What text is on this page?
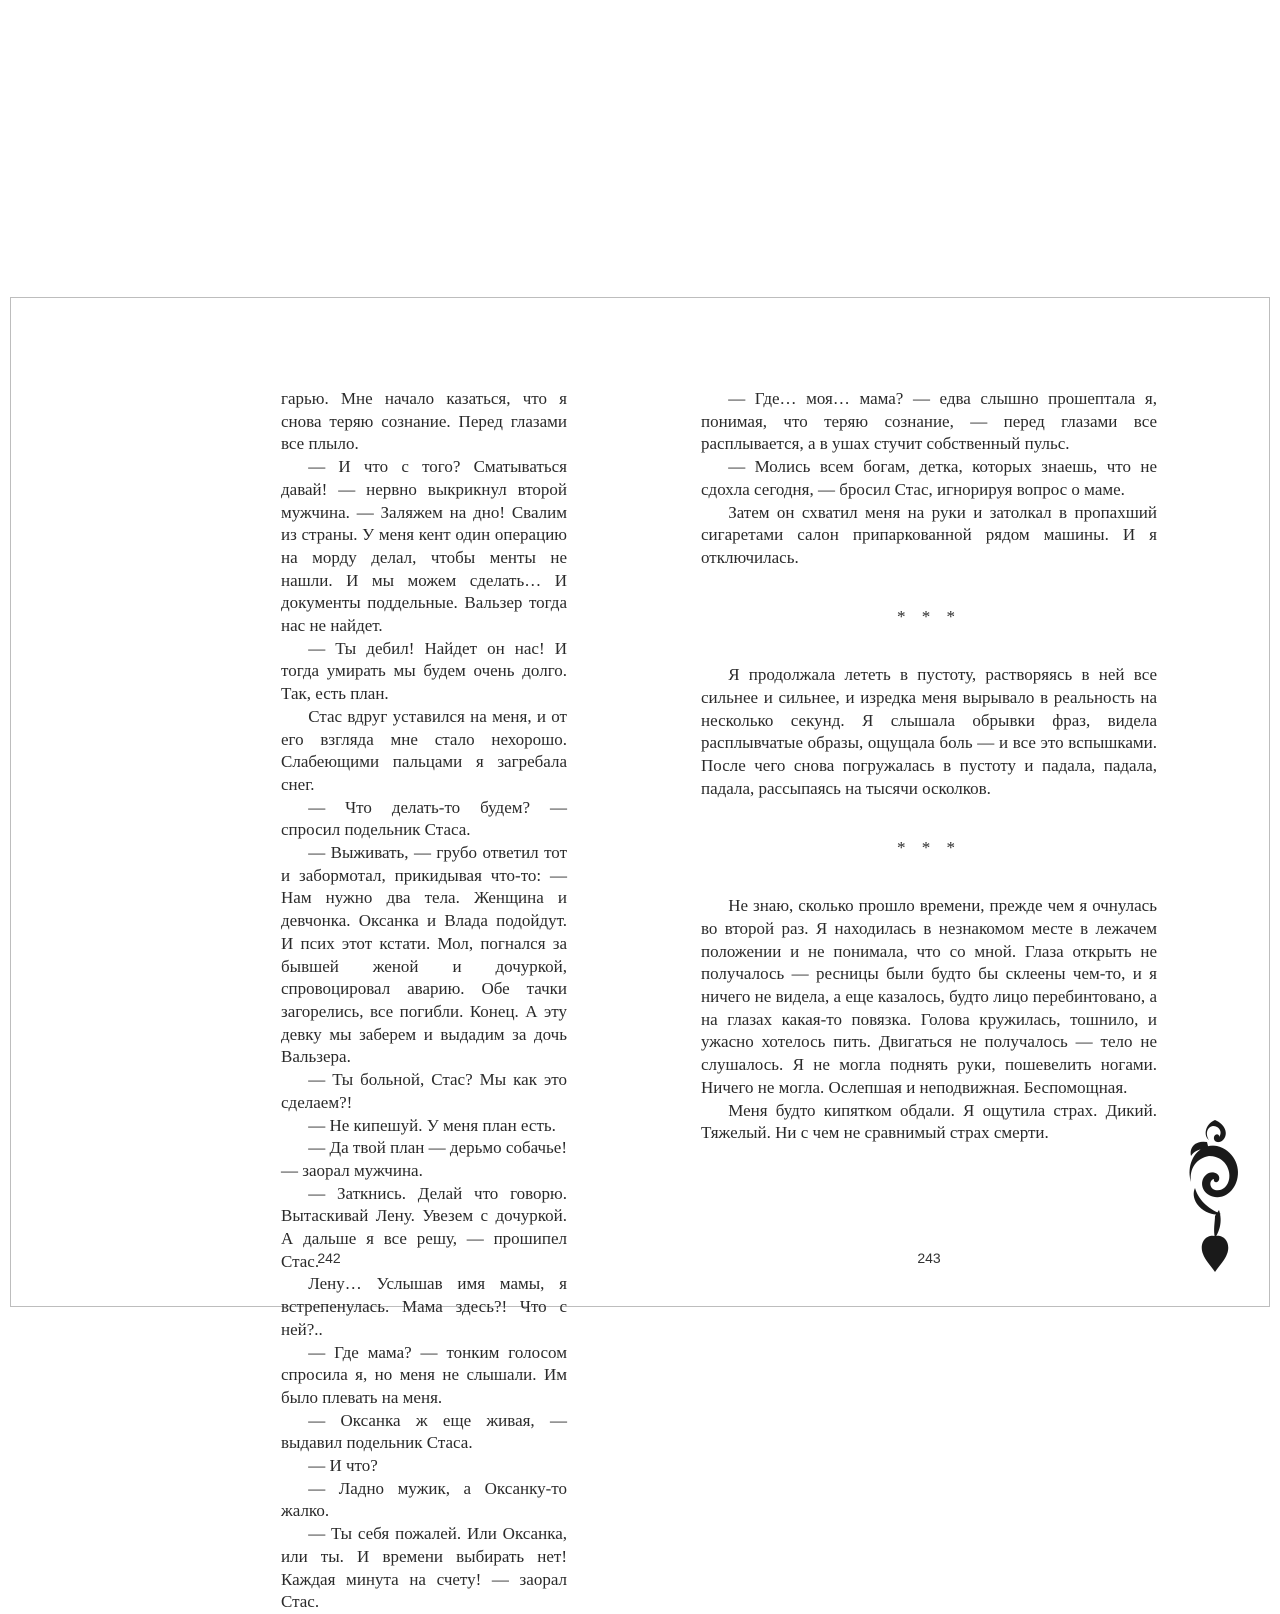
гарью. Мне начало казаться, что я снова теряю сознание. Перед глазами все плыло.

— И что с того? Сматываться давай! — нервно выкрикнул второй мужчина. — Заляжем на дно! Свалим из страны. У меня кент один операцию на морду делал, чтобы менты не нашли. И мы можем сделать… И документы поддельные. Вальзер тогда нас не найдет.

— Ты дебил! Найдет он нас! И тогда умирать мы будем очень долго. Так, есть план.

Стас вдруг уставился на меня, и от его взгляда мне стало нехорошо. Слабеющими пальцами я загребала снег.

— Что делать-то будем? — спросил подельник Стаса.

— Выживать, — грубо ответил тот и забормотал, прикидывая что-то: — Нам нужно два тела. Женщина и девчонка. Оксанка и Влада подойдут. И псих этот кстати. Мол, погнался за бывшей женой и дочуркой, спровоцировал аварию. Обе тачки загорелись, все погибли. Конец. А эту девку мы заберем и выдадим за дочь Вальзера.

— Ты больной, Стас? Мы как это сделаем?!

— Не кипешуй. У меня план есть.

— Да твой план — дерьмо собачье! — заорал мужчина.

— Заткнись. Делай что говорю. Вытаскивай Лену. Увезем с дочуркой. А дальше я все решу, — прошипел Стас.

Лену… Услышав имя мамы, я встрепенулась. Мама здесь?! Что с ней?..

— Где мама? — тонким голосом спросила я, но меня не слышали. Им было плевать на меня.

— Оксанка ж еще живая, — выдавил подельник Стаса.

— И что?

— Ладно мужик, а Оксанку-то жалко.

— Ты себя пожалей. Или Оксанка, или ты. И времени выбирать нет! Каждая минута на счету! — заорал Стас.

— Где… моя… мама? — едва слышно прошептала я, понимая, что теряю сознание, — перед глазами все расплывается, а в ушах стучит собственный пульс.

— Молись всем богам, детка, которых знаешь, что не сдохла сегодня, — бросил Стас, игнорируя вопрос о маме.

Затем он схватил меня на руки и затолкал в пропахший сигаретами салон припаркованной рядом машины. И я отключилась.

* * *

Я продолжала лететь в пустоту, растворяясь в ней все сильнее и сильнее, и изредка меня вырывало в реальность на несколько секунд. Я слышала обрывки фраз, видела расплывчатые образы, ощущала боль — и все это вспышками. После чего снова погружалась в пустоту и падала, падала, падала, рассыпаясь на тысячи осколков.

* * *

Не знаю, сколько прошло времени, прежде чем я очнулась во второй раз. Я находилась в незнакомом месте в лежачем положении и не понимала, что со мной. Глаза открыть не получалось — ресницы были будто бы склеены чем-то, и я ничего не видела, а еще казалось, будто лицо перебинтовано, а на глазах какая-то повязка. Голова кружилась, тошнило, и ужасно хотелось пить. Двигаться не получалось — тело не слушалось. Я не могла поднять руки, пошевелить ногами. Ничего не могла. Ослепшая и неподвижная. Беспомощная.

Меня будто кипятком обдали. Я ощутила страх. Дикий. Тяжелый. Ни с чем не сравнимый страх смерти.

242	243
